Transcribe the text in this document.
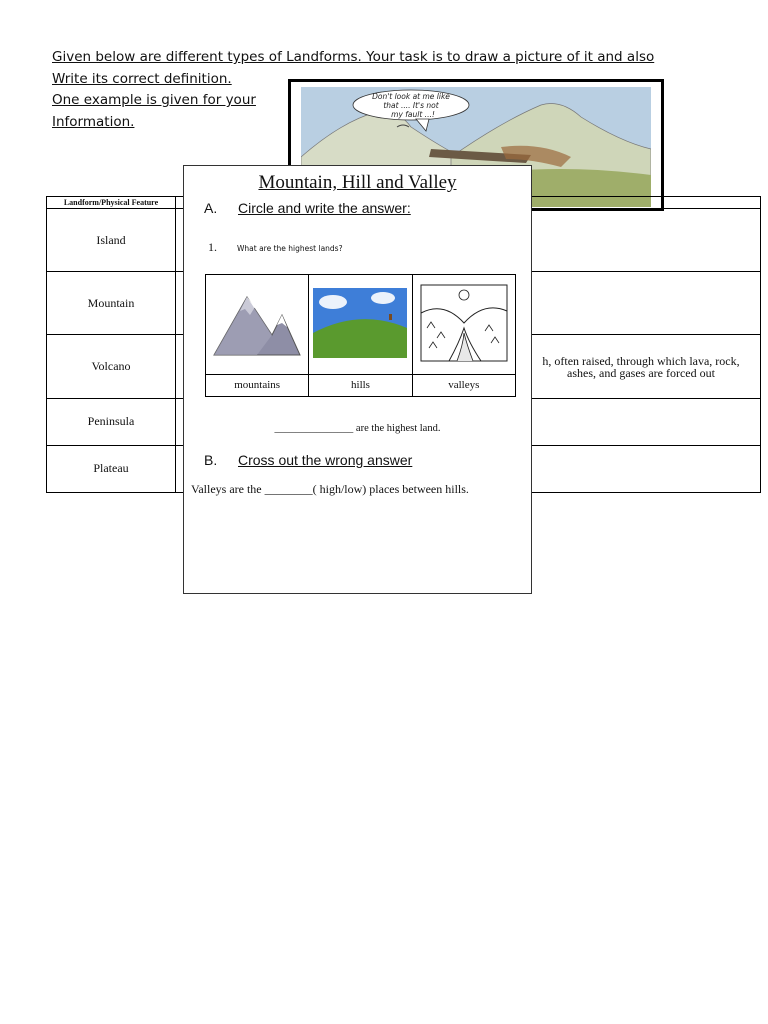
Given below are different types of Landforms. Your task is to draw a picture of it and also
Write its correct definition.
One example is given for your
Information.
Don't look at me like
that .... It's not
my fault ...!
Landform/Physical Feature	
Island	
Mountain	
Volcano	h, often raised, through which lava, rock, ashes, and gases are forced out
Peninsula	
Plateau	
Mountain, Hill and Valley
A. Circle and write the answer:
1.	What are the highest lands?

mountains	hills	valleys
_______________ are the highest land.
B. Cross out the wrong answer
Valleys are the ________( high/low) places between hills.
